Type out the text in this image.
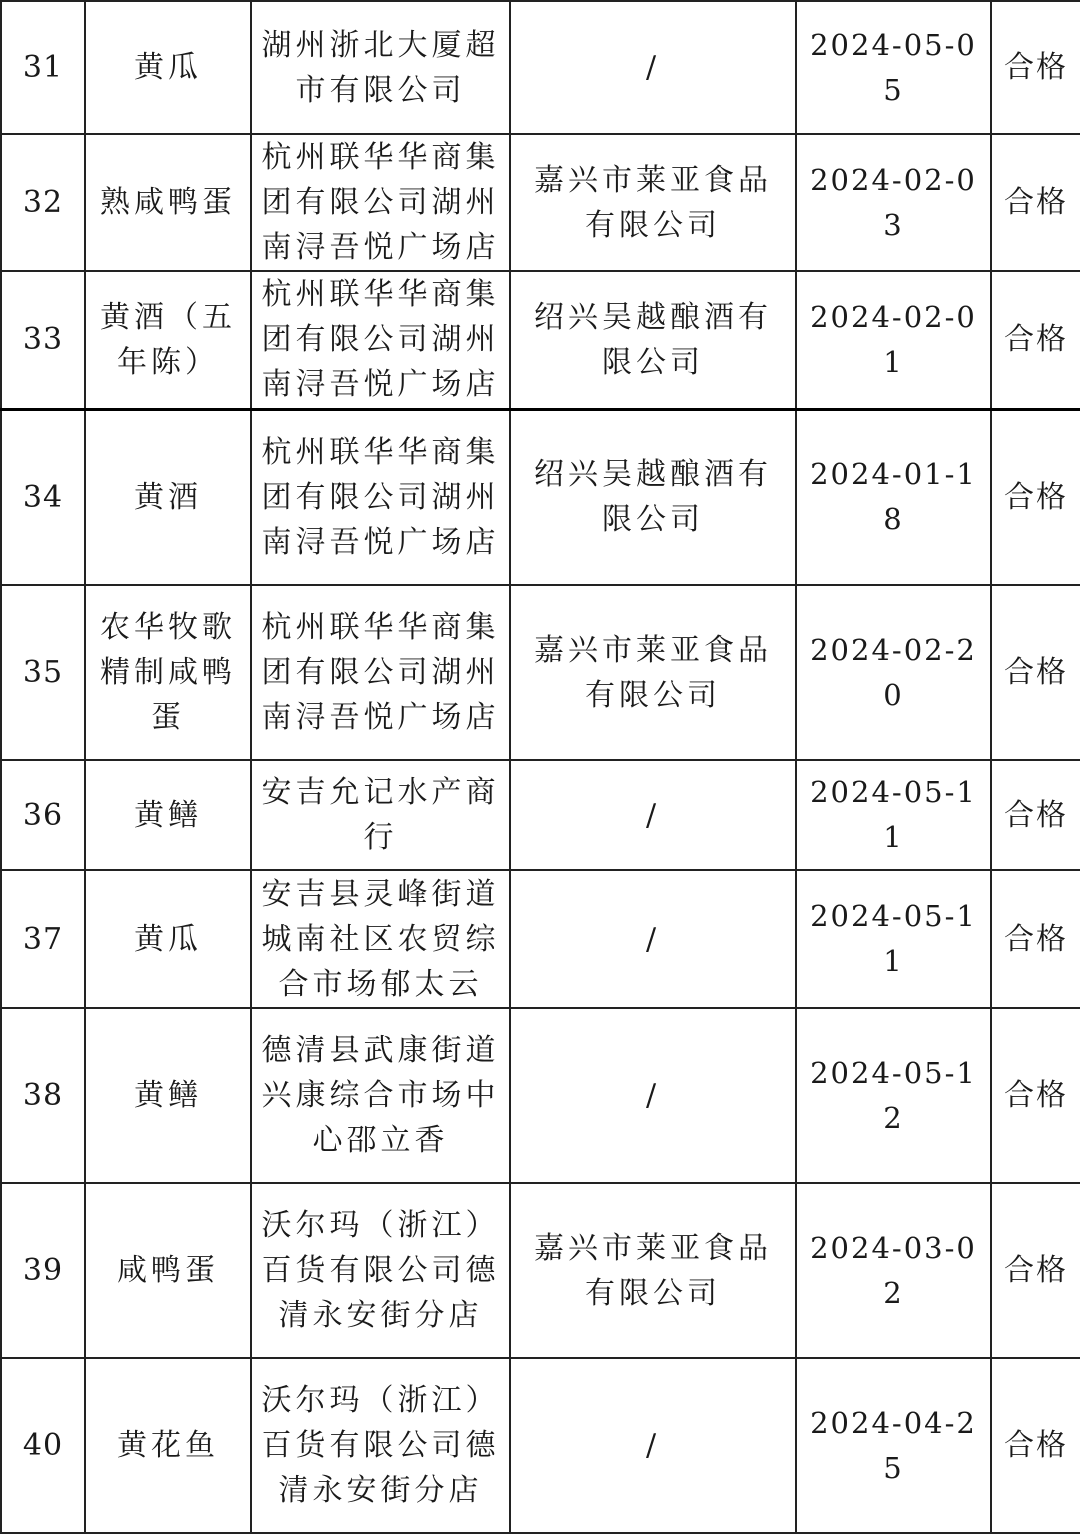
31	黄瓜	湖州浙北大厦超市有限公司	/	2024-05-05	合格
32	熟咸鸭蛋	杭州联华华商集团有限公司湖州南浔吾悦广场店	嘉兴市莱亚食品有限公司	2024-02-03	合格
33	黄酒（五年陈）	杭州联华华商集团有限公司湖州南浔吾悦广场店	绍兴吴越酿酒有限公司	2024-02-01	合格
34	黄酒	杭州联华华商集团有限公司湖州南浔吾悦广场店	绍兴吴越酿酒有限公司	2024-01-18	合格
35	农华牧歌精制咸鸭蛋	杭州联华华商集团有限公司湖州南浔吾悦广场店	嘉兴市莱亚食品有限公司	2024-02-20	合格
36	黄鳝	安吉允记水产商行	/	2024-05-11	合格
37	黄瓜	安吉县灵峰街道城南社区农贸综合市场郁太云	/	2024-05-11	合格
38	黄鳝	德清县武康街道兴康综合市场中心邵立香	/	2024-05-12	合格
39	咸鸭蛋	沃尔玛（浙江）百货有限公司德清永安街分店	嘉兴市莱亚食品有限公司	2024-03-02	合格
40	黄花鱼	沃尔玛（浙江）百货有限公司德清永安街分店	/	2024-04-25	合格
